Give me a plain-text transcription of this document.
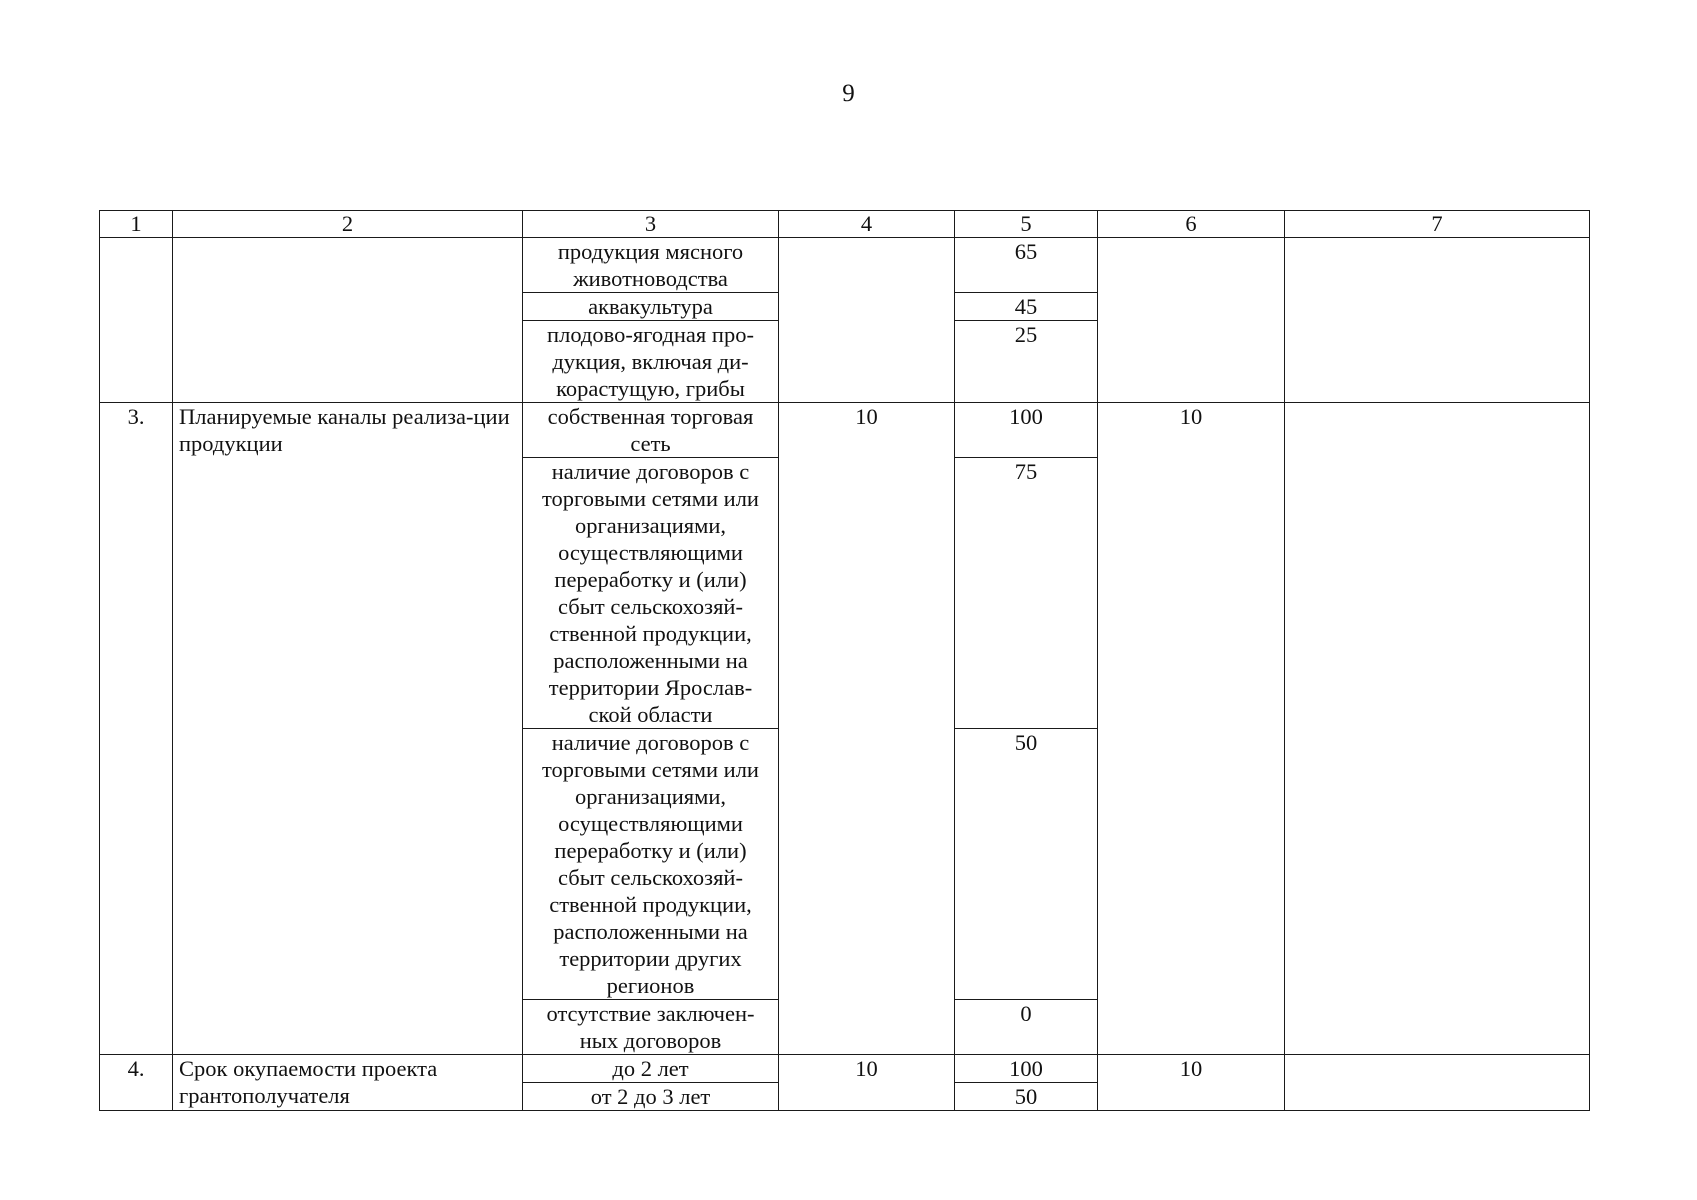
9
1	2	3	4	5	6	7
		продукция мясного животноводства		65		
		аквакультура		45		
		плодово-ягодная про-дукция, включая ди-корастущую, грибы		25		
3.	Планируемые каналы реализа-ции продукции	собственная торговая сеть	10	100	10	
		наличие договоров с торговыми сетями или организациями, осуществляющими переработку и (или) сбыт сельскохозяй-ственной продукции, расположенными на территории Ярослав-ской области		75		
		наличие договоров с торговыми сетями или организациями, осуществляющими переработку и (или) сбыт сельскохозяй-ственной продукции, расположенными на территории других регионов		50		
		отсутствие заключен-ных договоров		0		
4.	Срок окупаемости проекта грантополучателя	до 2 лет	10	100	10	
		от 2 до 3 лет		50		
